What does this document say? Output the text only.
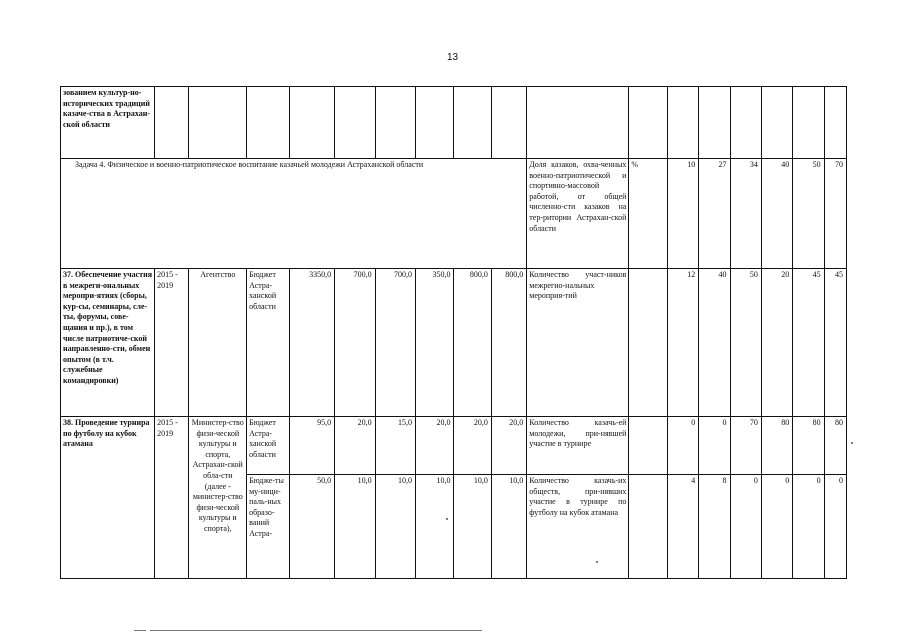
13
зованием культур-но-исторических традиций казаче-ства в Астрахан-ской области																	
Задача 4. Физическое и военно-патриотическое воспитание казачьей молодежи Астраханской области										Доля казаков, охва-ченных военно-патриотической и спортивно-массовой работой, от общей численно-сти казаков на тер-ритории Астрахан-ской области	%	10	27	34	40	50	70
37. Обеспечение участия в межреги-ональных меропри-ятиях (сборы, кур-сы, семинары, сле-ты, форумы, сове-щания и пр.), в том числе патриотиче-ской направленно-сти, обмен опытом (в т.ч. служебные командировки)	2015 - 2019	Агентство	Бюджет Астра-ханской области	3350,0	700,0	700,0	350,0	800,0	800,0	Количество участ-ников межрегио-нальных мероприя-тий		12	40	50	20	45	45
38. Проведение турнира по футболу на кубок атамана	2015 - 2019	Министер-ство физи-ческой культуры и спорта, Астрахан-ской обла-сти (далее - министер-ство физи-ческой культуры и спорта),	Бюджет Астра-ханской области	95,0	20,0	15,0	20,0	20,0	20,0	Количество казачь-ей молодежи, при-нявшей участие в турнире		0	0	70	80	80	80
			Бюдже-ты му-ници-паль-ных образо-ваний Астра-	50,0	10,0	10,0	10,0	10,0	10,0	Количество казачь-их обществ, при-нявших участие в турнире по футболу на кубок атамана		4	8	0	0	0	0
